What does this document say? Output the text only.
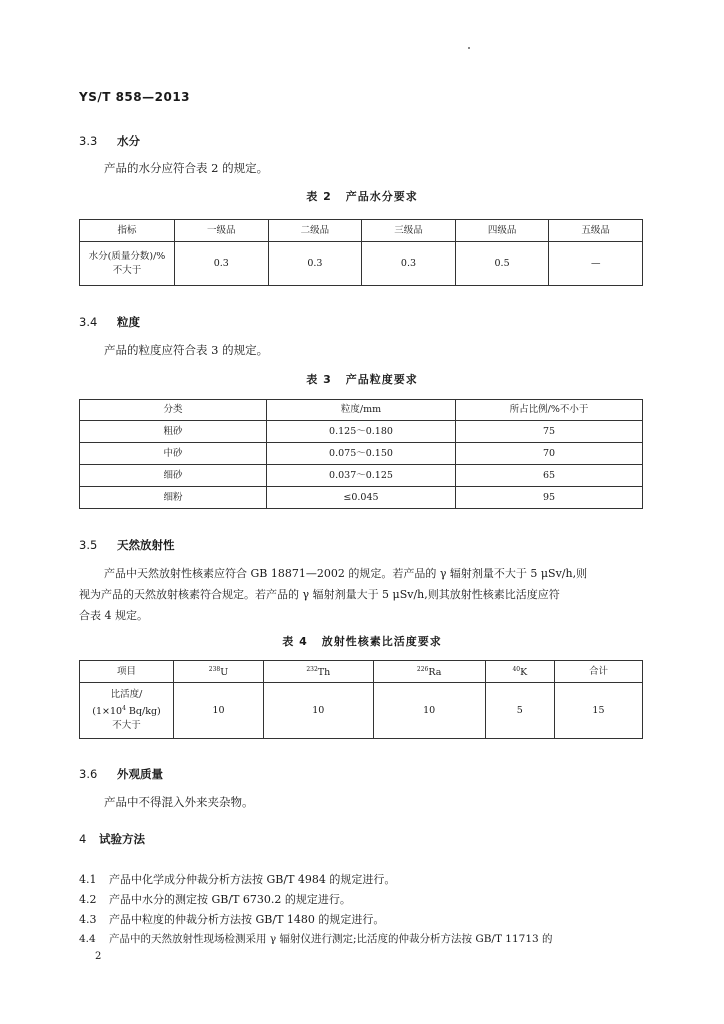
YS/T 858—2013
3.3 水分
产品的水分应符合表 2 的规定。
表 2 产品水分要求
指标	一级品	二级品	三级品	四级品	五级品

水分(质量分数)/%
不大于	0.3	0.3	0.3	0.5	—
3.4 粒度
产品的粒度应符合表 3 的规定。
表 3 产品粒度要求
分类	粒度/mm	所占比例/%不小于
粗砂	0.125～0.180	75
中砂	0.075～0.150	70
细砂	0.037～0.125	65
细粉	≤0.045	95
3.5 天然放射性
产品中天然放射性核素应符合 GB 18871—2002 的规定。若产品的 γ 辐射剂量不大于 5 μSv/h,则
视为产品的天然放射核素符合规定。若产品的 γ 辐射剂量大于 5 μSv/h,则其放射性核素比活度应符
合表 4 规定。
表 4 放射性核素比活度要求
项目	$^{238}$U	$^{232}$Th	$^{226}$Ra	$^{40}$K	合计

比活度/
($1\times 10^4$ Bq/kg)
不大于	10	10	10	5	15
3.6 外观质量
产品中不得混入外来夹杂物。
4 试验方法
4.1 产品中化学成分仲裁分析方法按 GB/T 4984 的规定进行。
4.2 产品中水分的测定按 GB/T 6730.2 的规定进行。
4.3 产品中粒度的仲裁分析方法按 GB/T 1480 的规定进行。
4.4 产品中的天然放射性现场检测采用 γ 辐射仪进行测定;比活度的仲裁分析方法按 GB/T 11713 的
2
